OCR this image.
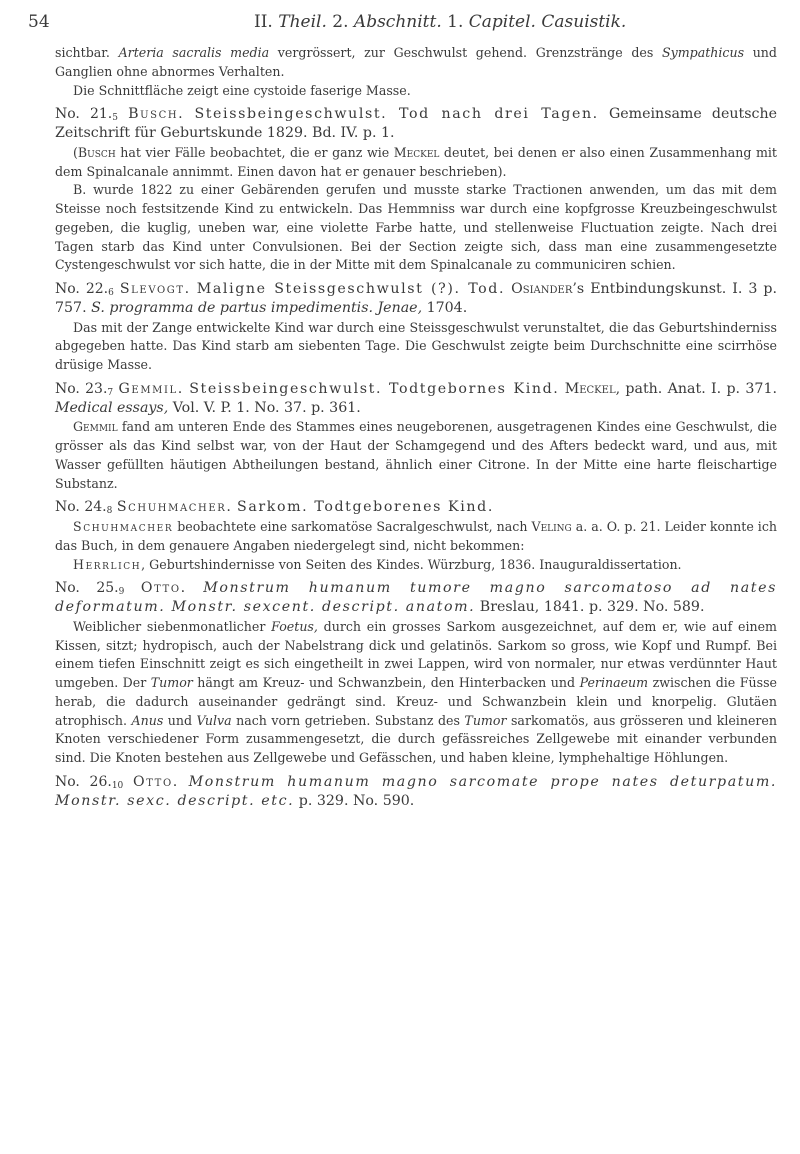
54	II. Theil. 2. Abschnitt. 1. Capitel. Casuistik.

sichtbar. Arteria sacralis media vergrössert, zur Geschwulst gehend. Grenzstränge des Sympathicus und Ganglien ohne abnormes Verhalten.

Die Schnittfläche zeigt eine cystoide faserige Masse.

No. $21._5$ Busch. Steissbeingeschwulst. Tod nach drei Tagen. Gemeinsame deutsche Zeitschrift für Geburtskunde 1829. Bd. IV. p. 1.

(Busch hat vier Fälle beobachtet, die er ganz wie Meckel deutet, bei denen er also einen Zusammenhang mit dem Spinalcanale annimmt. Einen davon hat er genauer beschrieben).

B. wurde 1822 zu einer Gebärenden gerufen und musste starke Tractionen anwenden, um das mit dem Steisse noch festsitzende Kind zu entwickeln. Das Hemmniss war durch eine kopfgrosse Kreuzbeingeschwulst gegeben, die kuglig, uneben war, eine violette Farbe hatte, und stellenweise Fluctuation zeigte. Nach drei Tagen starb das Kind unter Convulsionen. Bei der Section zeigte sich, dass man eine zusammengesetzte Cystengeschwulst vor sich hatte, die in der Mitte mit dem Spinalcanale zu communiciren schien.

No. $22._6$ Slevogt. Maligne Steissgeschwulst (?). Tod. Osiander’s Entbindungskunst. I. 3 p. 757. S. programma de partus impedimentis. Jenae, 1704.

Das mit der Zange entwickelte Kind war durch eine Steissgeschwulst verunstaltet, die das Geburtshinderniss abgegeben hatte. Das Kind starb am siebenten Tage. Die Geschwulst zeigte beim Durchschnitte eine scirrhöse drüsige Masse.

No. $23._7$ Gemmil. Steissbeingeschwulst. Todtgebornes Kind. Meckel, path. Anat. I. p. 371. Medical essays, Vol. V. P. 1. No. 37. p. 361.

Gemmil fand am unteren Ende des Stammes eines neugeborenen, ausgetragenen Kindes eine Geschwulst, die grösser als das Kind selbst war, von der Haut der Schamgegend und des Afters bedeckt ward, und aus, mit Wasser gefüllten häutigen Abtheilungen bestand, ähnlich einer Citrone. In der Mitte eine harte fleischartige Substanz.

No. $24._8$ Schuhmacher. Sarkom. Todtgeborenes Kind.

Schuhmacher beobachtete eine sarkomatöse Sacralgeschwulst, nach Veling a. a. O. p. 21. Leider konnte ich das Buch, in dem genauere Angaben niedergelegt sind, nicht bekommen:

Herrlich, Geburtshindernisse von Seiten des Kindes. Würzburg, 1836. Inauguraldissertation.

No. $25._9$ Otto. Monstrum humanum tumore magno sarcomatoso ad nates deformatum. Monstr. sexcent. descript. anatom. Breslau, 1841. p. 329. No. 589.

Weiblicher siebenmonatlicher Foetus, durch ein grosses Sarkom ausgezeichnet, auf dem er, wie auf einem Kissen, sitzt; hydropisch, auch der Nabelstrang dick und gelatinös. Sarkom so gross, wie Kopf und Rumpf. Bei einem tiefen Einschnitt zeigt es sich eingetheilt in zwei Lappen, wird von normaler, nur etwas verdünnter Haut umgeben. Der Tumor hängt am Kreuz- und Schwanzbein, den Hinterbacken und Perinaeum zwischen die Füsse herab, die dadurch auseinander gedrängt sind. Kreuz- und Schwanzbein klein und knorpelig. Glutäen atrophisch. Anus und Vulva nach vorn getrieben. Substanz des Tumor sarkomatös, aus grösseren und kleineren Knoten verschiedener Form zusammengesetzt, die durch gefässreiches Zellgewebe mit einander verbunden sind. Die Knoten bestehen aus Zellgewebe und Gefässchen, und haben kleine, lymphehaltige Höhlungen.

No. $26._{10}$ Otto. Monstrum humanum magno sarcomate prope nates deturpatum. Monstr. sexc. descript. etc. p. 329. No. 590.
